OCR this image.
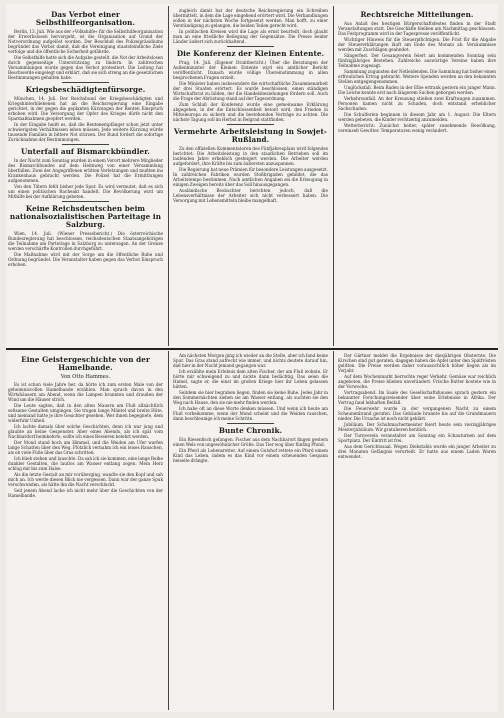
Das Verbot einer Selbsthilfeorganisation.

Berlin, 13. Juli. Wie aus der »Volkshilfe« für die Selbsthilfeorganisation der Erwerbslosen hervorgeht, ist die Organisation auf Grund der Notverordnung aufgelöst worden. Der Beschluß des Polizeipräsidiums begründet das Verbot damit, daß die Vereinigung staatsfeindliche Ziele verfolge und die öffentliche Sicherheit gefährde.

Die Selbsthilfe hatte sich die Aufgabe gestellt, die Not der Arbeitslosen durch gegenseitige Unterstützung zu lindern. In zahlreichen Versammlungen wurde gegen das Verbot protestiert. Die Leitung hat Beschwerde eingelegt und erklärt, daß sie sich streng an die gesetzlichen Bestimmungen gehalten habe.

Kriegsbeschädigtenfürsorge.

München, 14. Juli. Der Reichsbund der Kriegsbeschädigten und Kriegshinterbliebenen hat an die Reichsregierung eine Eingabe gerichtet, in der gegen die geplanten Kürzungen der Renten Einspruch erhoben wird. Die Versorgung der Opfer des Krieges dürfe nicht den Sparmaßnahmen geopfert werden.

In der Eingabe heißt es, daß die Rentenempfänger schon jetzt unter schwierigsten Verhältnissen leben müssen. Jede weitere Kürzung würde tausende Familien in bittere Not stürzen. Der Bund fordert die sofortige Zurücknahme der Bestimmungen.

Unterfall auf Bismarckbündler.

In der Nacht zum Sonntag wurden in einem Vorort mehrere Mitglieder des Bismarckbundes auf dem Heimweg von einer Versammlung überfallen. Zwei der Angegriffenen erlitten Verletzungen und mußten ins Krankenhaus gebracht werden. Die Polizei hat die Ermittlungen aufgenommen.

Von den Tätern fehlt bisher jede Spur. Es wird vermutet, daß es sich um einen politischen Racheakt handelt. Die Bevölkerung wird um Mithilfe bei der Aufklärung gebeten.

Keine Reichsdeutschen beim nationalsozialistischen Parteitage in Salzburg.

Wien, 14. Juli. (Wiener Pressebericht.) Die österreichische Bundesregierung hat beschlossen, reichsdeutschen Staatsangehörigen die Teilnahme am Parteitage in Salzburg zu untersagen. An der Grenze werden verschärfte Kontrollen durchgeführt.

Die Maßnahme wird mit der Sorge um die öffentliche Ruhe und Ordnung begründet. Die Veranstalter haben gegen das Verbot Einspruch erhoben.

zugleich damit hat der deutsche Reichsregierung ein Schreiben übermittelt, in dem die Lage eingehend erörtert wird. Die Verhandlungen sollen in der nächsten Woche fortgesetzt werden. Man hofft, zu einer Verständigung zu gelangen, die beiden Teilen gerecht wird.

In politischen Kreisen wird die Lage als ernst beurteilt, doch glaubt man an eine friedliche Beilegung der Gegensätze. Die Presse beider Länder äußert sich zurückhaltend.

Die Konferenz der Kleinen Entente.

Prag, 14. Juli. (Eigener Drahtbericht.) Über die Beratungen der Außenminister der Kleinen Entente wird ein amtlicher Bericht veröffentlicht. Danach wurde völlige Übereinstimmung in allen besprochenen Fragen erzielt.

Die Minister haben insbesondere die wirtschaftliche Zusammenarbeit der drei Staaten erörtert. Es wurde beschlossen, einen ständigen Wirtschaftsrat zu bilden, der die Handelsbeziehungen fördern soll. Auch die Frage der Abrüstung stand auf der Tagesordnung.

Zum Schluß der Konferenz wurde eine gemeinsame Erklärung abgegeben, in der die Entschlossenheit betont wird, den Frieden in Mitteleuropa zu sichern und die bestehenden Verträge zu achten. Die nächste Tagung soll im Herbst in Belgrad stattfinden.

Vermehrte Arbeitsleistung in Sowjet-Rußland.

Zu den offiziellen Kommentatoren des Fünfjahresplans wird folgendes berichtet: Die Arbeitsleistung in den staatlichen Betrieben soll im laufenden Jahre erheblich gesteigert werden. Die Arbeiter werden aufgefordert, ihre Kräfte bis zum äußersten anzuspannen.

Die Regierung hat neue Prämien für besondere Leistungen ausgesetzt. In zahlreichen Fabriken wurden Stoßbrigaden gebildet, die das Arbeitstempo bestimmen. Nach amtlichen Angaben sei die Erzeugung in einigen Zweigen bereits über das Soll hinausgegangen.

Ausländische Beobachter berichten jedoch, daß die Lebensverhältnisse der Arbeiter sich nicht verbessert haben. Die Versorgung mit Lebensmitteln bleibe mangelhaft.

Rechtsreiche Mitteilungen.

Aus Anlaß des heutigen Bürgerschaftsfestes finden in der Stadt Veranstaltungen statt. Die Geschäfte bleiben am Nachmittag geschlossen. Das Festprogramm wird in der Tagespresse veröffentlicht.

Wichtiger Hinweis für die Steuerpflichtigen. Die Frist für die Abgabe der Steuererklärungen läuft am Ende des Monats ab. Versäumnisse werden mit Zuschlägen geahndet.

Sängerfest. Der Gesangverein feiert am kommenden Sonntag sein fünfzigjähriges Bestehen. Zahlreiche auswärtige Vereine haben ihre Teilnahme zugesagt.

Sammlung zugunsten der Notleidenden. Die Sammlung hat bisher einen erfreulichen Ertrag gebracht. Weitere Spenden werden an den bekannten Stellen entgegengenommen.

Unglücksfall. Beim Baden in der Elbe ertrank gestern ein junger Mann. Die Leiche konnte erst nach längerem Suchen geborgen werden.

Verkehrsunfall. An der Kreuzung stießen zwei Kraftwagen zusammen. Personen kamen nicht zu Schaden, doch entstand erheblicher Sachschaden.

Die Schulferien beginnen in diesem Jahr am 1. August. Die Eltern werden gebeten, die Kinder rechtzeitig anzumelden.

Wetterbericht: Zunächst heiter, später zunehmende Bewölkung, vereinzelt Gewitter. Temperaturen wenig verändert.

Eine Geistergeschichte von der Hamelbande.
Von Otto Hammes.

Es ist schon viele Jahre her, da hörte ich zum ersten Male von der geheimnisvollen Hamelbande erzählen. Man sprach davon in den Wirtshäusern am Abend, wenn die Lampen brannten und draußen der Wind um die Häuser strich.

Die Leute sagten, daß in den alten Mauern am Fluß allnächtlich seltsame Gestalten umgingen. Sie trugen lange Mäntel und breite Hüte, und niemand hatte je ihre Gesichter gesehen. Wer ihnen begegnete, dem widerfuhr Unheil.

Ich lachte damals über solche Geschichten, denn ich war jung und glaubte an keine Gespenster. Aber eines Abends, als ich spät vom Nachbardorf heimkehrte, sollte ich eines Besseren belehrt werden.

Der Mond stand hoch am Himmel, und die Weiden am Ufer warfen lange Schatten über den Weg. Plötzlich vernahm ich ein leises Rauschen, als ob viele Füße über das Gras schritten.

Ich blieb stehen und lauschte. Da sah ich sie kommen, eine lange Reihe dunkler Gestalten, die lautlos am Wasser entlang zogen. Mein Herz schlug mir bis zum Halse.

Als die letzte Gestalt an mir vorüberging, wandte sie den Kopf und sah mich an. Ich werde diesen Blick nie vergessen. Dann war der ganze Spuk verschwunden, als hätte ihn die Nacht verschluckt.

Seit jenem Abend lache ich nicht mehr über die Geschichten von der Hamelbande.

Am nächsten Morgen ging ich wieder an die Stelle, aber ich fand keine Spur. Das Gras stand aufrecht wie immer, und nichts deutete darauf hin, daß hier in der Nacht jemand gegangen war.

Ich erzählte mein Erlebnis dem alten Fischer, der am Fluß wohnte. Er hörte mir schweigend zu und nickte dann bedächtig. Das seien die Hamel, sagte er, die einst im großen Kriege hier ihr Leben gelassen hätten.

Seitdem sie hier begraben liegen, finden sie keine Ruhe. Jedes Jahr in den Sommernächten ziehen sie am Wasser entlang, als suchten sie den Weg nach Hause, den sie nie mehr finden werden.

Ich habe oft an diese Worte denken müssen. Und wenn ich heute am Fluß vorbeikomme, wenn der Mond scheint und die Weiden rauschen, dann beschleunige ich meine Schritte.

Bunte Chronik.

Ein Riesenfisch gefangen. Fischer aus dem Nachbarort fingen gestern einen Wels von ungewöhnlicher Größe. Das Tier wog über fünfzig Pfund.

Ein Pferd als Lebensretter. Auf einem Gutshof rettete ein Pferd einem Kind das Leben, indem es das Kind vor einem scheuenden Gespann beiseite drängte.

Der Gärtner meldet die Ergebnisse der diesjährigen Obsternte. Die Kirschen sind gut geraten, dagegen haben die Äpfel unter den Spätfrösten gelitten. Die Preise werden daher voraussichtlich höher liegen als im Vorjahr.

Auf dem Wochenmarkt herrschte reger Verkehr. Gemüse war reichlich angeboten, die Preise blieben unverändert. Frische Butter kostete wie in der Vorwoche.

Vortragsabend. Im Saale des Gesellschaftshauses sprach gestern ein bekannter Forschungsreisender über seine Erlebnisse in Afrika. Der Vortrag fand lebhaften Beifall.

Die Feuerwehr wurde in der vergangenen Nacht zu einem Scheunenbrand gerufen. Das Gebäude brannte bis auf die Grundmauern nieder. Die Ursache ist noch nicht geklärt.

Jubiläum. Der Schuhmachermeister feiert heute sein vierzigjähriges Meisterjubiläum. Wir gratulieren herzlich.

Der Turnverein veranstaltet am Sonntag ein Schauturnen auf dem Sportplatz. Der Eintritt ist frei.

Aus dem Gerichtssaal. Wegen Diebstahls wurde ein junger Arbeiter zu drei Monaten Gefängnis verurteilt. Er hatte aus einem Laden Waren entwendet.
